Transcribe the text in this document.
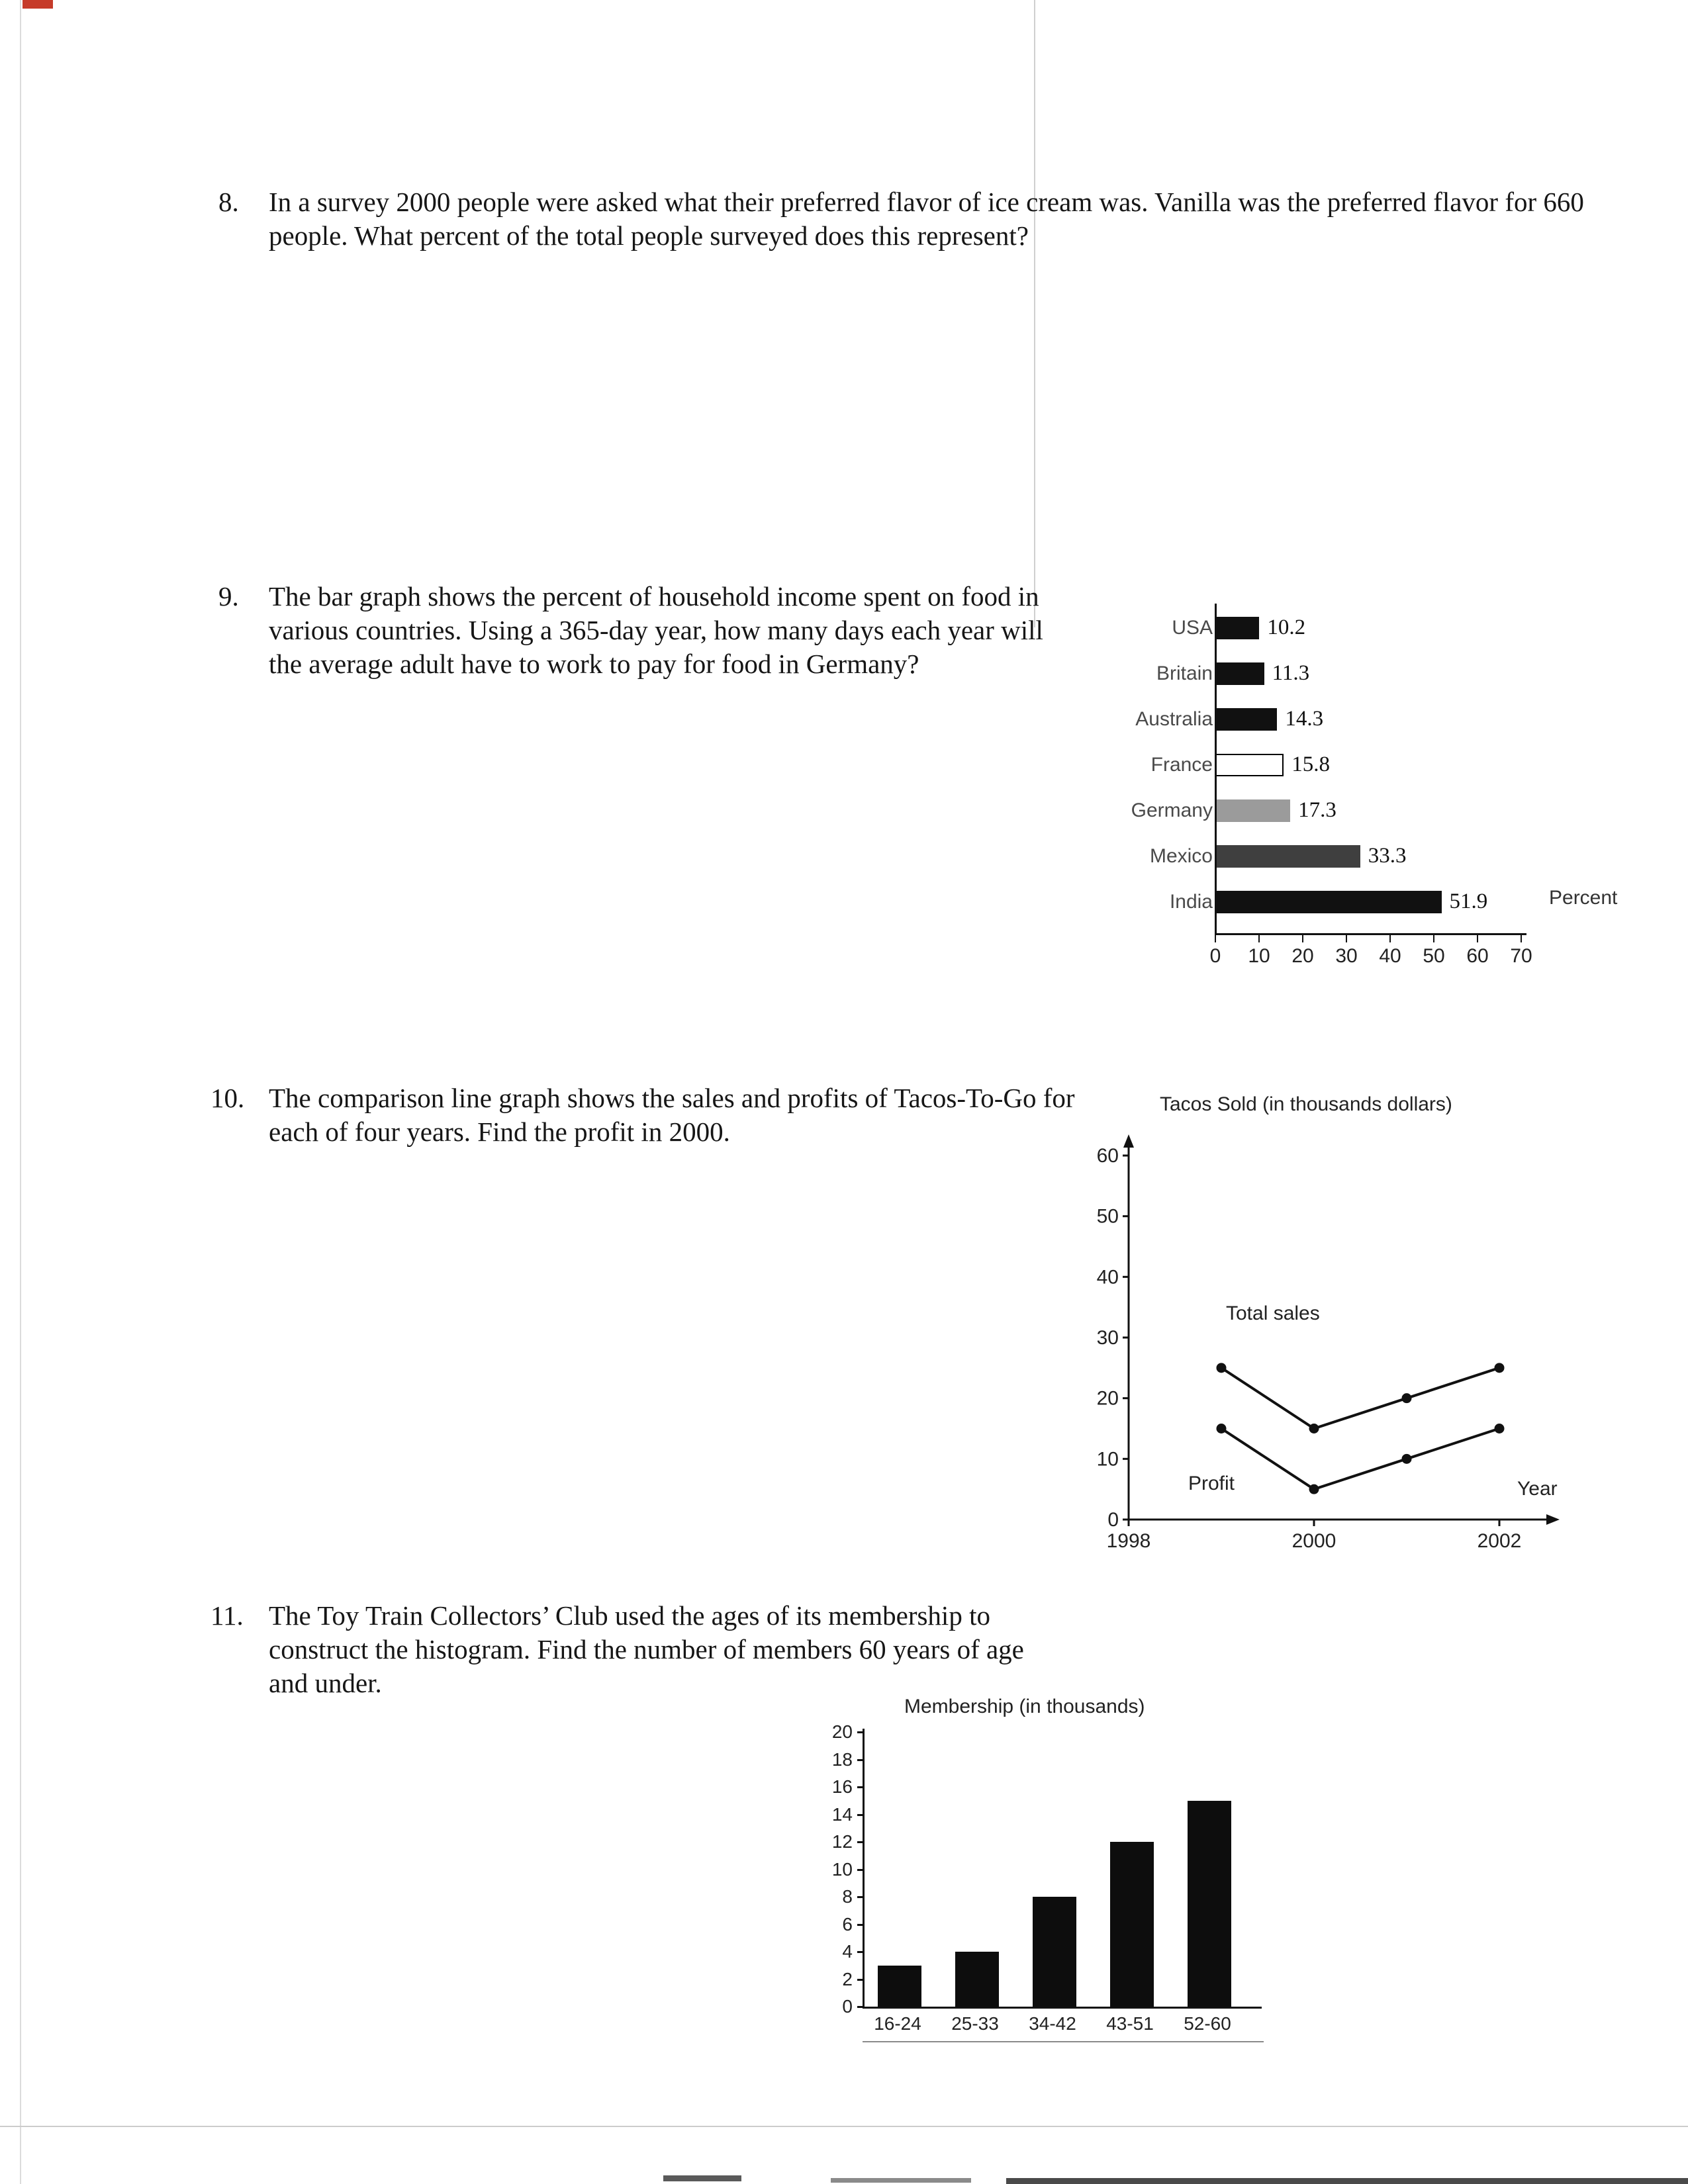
8. In a survey 2000 people were asked what their preferred flavor of ice cream was. Vanilla was the preferred flavor for 660 people. What percent of the total people surveyed does this represent?
9. The bar graph shows the percent of household income spent on food in various countries. Using a 365-day year, how many days each year will the average adult have to work to pay for food in Germany?
USA 10.2
Britain	11.3
Australia	14.3
France	15.8
Germany	17.3
Mexico	33.3
India	51.9
0	10 20 30 40 50 60 70
Percent
10. The comparison line graph shows the sales and profits of Tacos-To-Go for each of four years. Find the profit in 2000.
Tacos Sold (in thousands dollars)
60
50
40
30
20
10
0
1998	2000	2002
Total sales
Profit	Year
11. The Toy Train Collectors’ Club used the ages of its membership to construct the histogram. Find the number of members 60 years of age and under.
Membership (in thousands)
20
18
16
14
12
10
8
6
4
2
0
16-24 25-33 34-42 43-51 52-60
